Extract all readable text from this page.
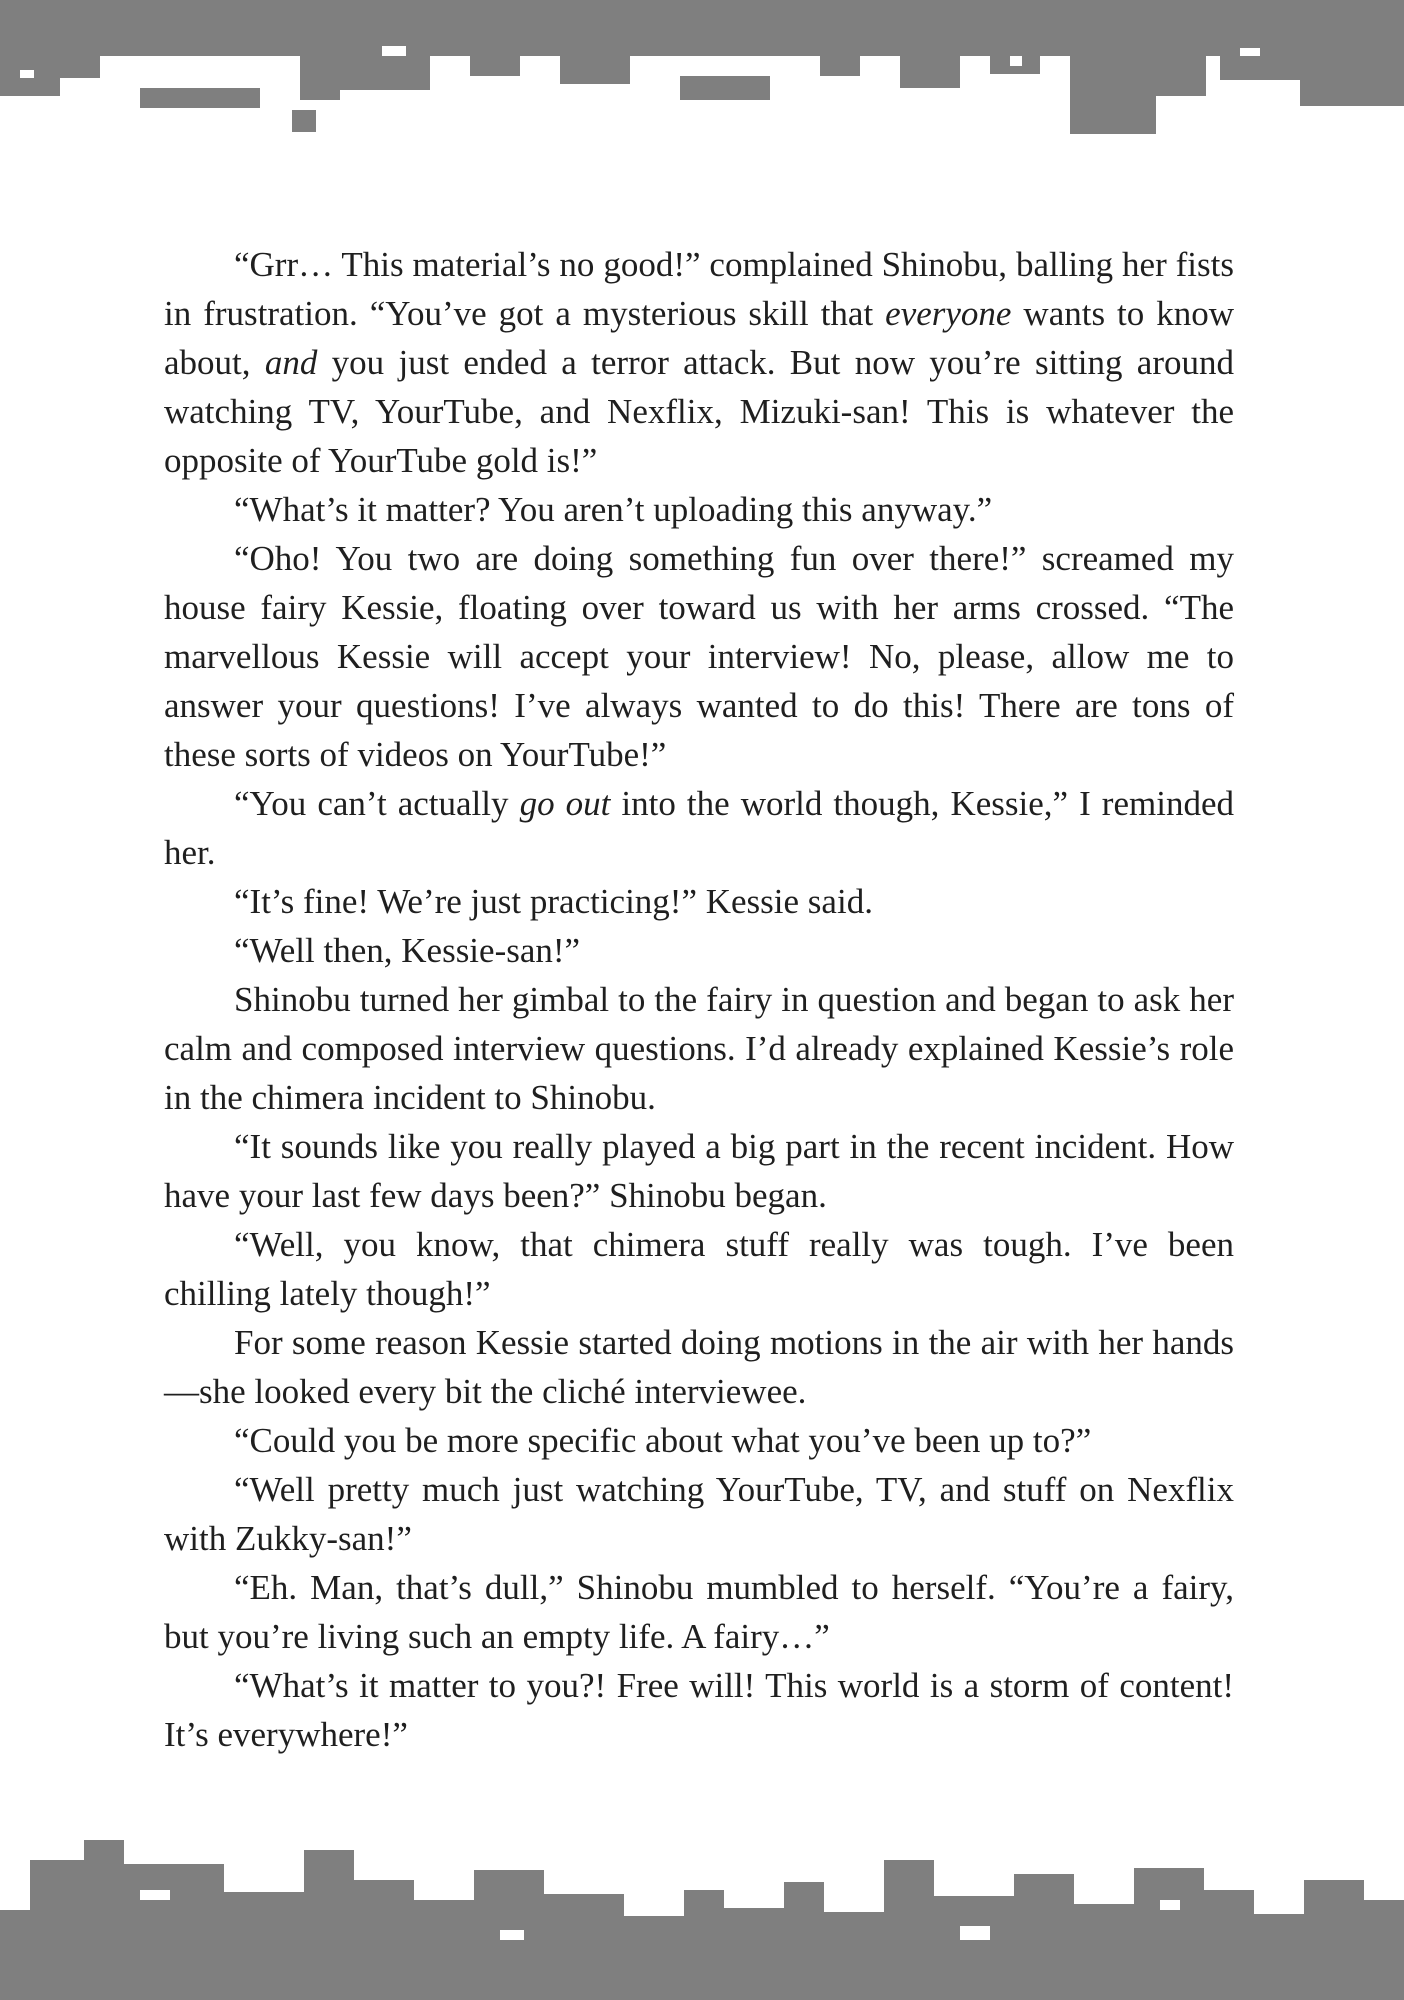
“Grr… This material’s no good!” complained Shinobu, balling her fists in frustration. “You’ve got a mysterious skill that everyone wants to know about, and you just ended a terror attack. But now you’re sitting around watching TV, YourTube, and Nexflix, Mizuki-san! This is whatever the opposite of YourTube gold is!”

“What’s it matter? You aren’t uploading this anyway.”

“Oho! You two are doing something fun over there!” screamed my house fairy Kessie, floating over toward us with her arms crossed. “The marvellous Kessie will accept your interview! No, please, allow me to answer your questions! I’ve always wanted to do this! There are tons of these sorts of videos on YourTube!”

“You can’t actually go out into the world though, Kessie,” I reminded her.

“It’s fine! We’re just practicing!” Kessie said.

“Well then, Kessie-san!”

Shinobu turned her gimbal to the fairy in question and began to ask her calm and composed interview questions. I’d already explained Kessie’s role in the chimera incident to Shinobu.

“It sounds like you really played a big part in the recent incident. How have your last few days been?” Shinobu began.

“Well, you know, that chimera stuff really was tough. I’ve been chilling lately though!”

For some reason Kessie started doing motions in the air with her hands—she looked every bit the cliché interviewee.

“Could you be more specific about what you’ve been up to?”

“Well pretty much just watching YourTube, TV, and stuff on Nexflix with Zukky-san!”

“Eh. Man, that’s dull,” Shinobu mumbled to herself. “You’re a fairy, but you’re living such an empty life. A fairy…”

“What’s it matter to you?! Free will! This world is a storm of content! It’s everywhere!”
